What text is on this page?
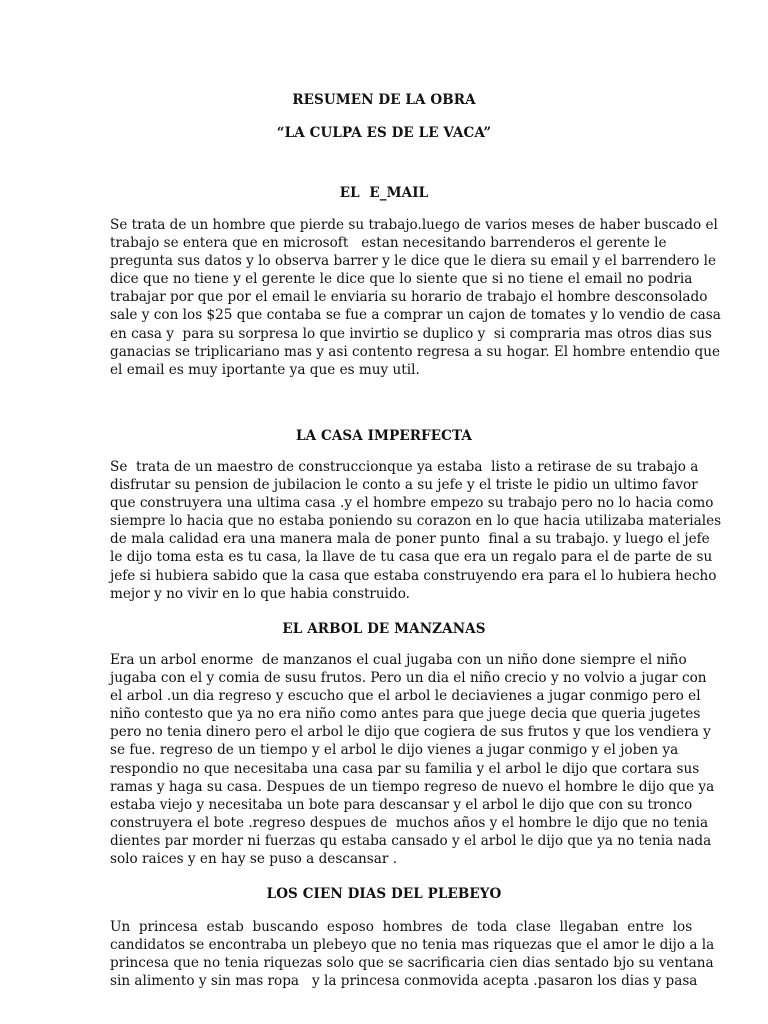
RESUMEN DE LA OBRA
“LA CULPA ES DE LE VACA”
EL  E_MAIL
Se trata de un hombre que pierde su trabajo.luego de varios meses de haber buscado el
trabajo se entera que en microsoft   estan necesitando barrenderos el gerente le
pregunta sus datos y lo observa barrer y le dice que le diera su email y el barrendero le
dice que no tiene y el gerente le dice que lo siente que si no tiene el email no podria
trabajar por que por el email le enviaria su horario de trabajo el hombre desconsolado
sale y con los $25 que contaba se fue a comprar un cajon de tomates y lo vendio de casa
en casa y  para su sorpresa lo que invirtio se duplico y  si compraria mas otros dias sus
ganacias se triplicariano mas y asi contento regresa a su hogar. El hombre entendio que
el email es muy iportante ya que es muy util.
LA CASA IMPERFECTA
Se  trata de un maestro de construccionque ya estaba  listo a retirase de su trabajo a
disfrutar su pension de jubilacion le conto a su jefe y el triste le pidio un ultimo favor
que construyera una ultima casa .y el hombre empezo su trabajo pero no lo hacia como
siempre lo hacia que no estaba poniendo su corazon en lo que hacia utilizaba materiales
de mala calidad era una manera mala de poner punto  final a su trabajo. y luego el jefe
le dijo toma esta es tu casa, la llave de tu casa que era un regalo para el de parte de su
jefe si hubiera sabido que la casa que estaba construyendo era para el lo hubiera hecho
mejor y no vivir en lo que habia construido.
EL ARBOL DE MANZANAS
Era un arbol enorme  de manzanos el cual jugaba con un niño done siempre el niño
jugaba con el y comia de susu frutos. Pero un dia el niño crecio y no volvio a jugar con
el arbol .un dia regreso y escucho que el arbol le deciavienes a jugar conmigo pero el
niño contesto que ya no era niño como antes para que juege decia que queria jugetes
pero no tenia dinero pero el arbol le dijo que cogiera de sus frutos y que los vendiera y
se fue. regreso de un tiempo y el arbol le dijo vienes a jugar conmigo y el joben ya
respondio no que necesitaba una casa par su familia y el arbol le dijo que cortara sus
ramas y haga su casa. Despues de un tiempo regreso de nuevo el hombre le dijo que ya
estaba viejo y necesitaba un bote para descansar y el arbol le dijo que con su tronco
construyera el bote .regreso despues de  muchos años y el hombre le dijo que no tenia
dientes par morder ni fuerzas qu estaba cansado y el arbol le dijo que ya no tenia nada
solo raices y en hay se puso a descansar .
LOS CIEN DIAS DEL PLEBEYO
Un  princesa  estab  buscando  esposo  hombres  de  toda  clase  llegaban  entre  los
candidatos se encontraba un plebeyo que no tenia mas riquezas que el amor le dijo a la
princesa que no tenia riquezas solo que se sacrificaria cien dias sentado bjo su ventana
sin alimento y sin mas ropa   y la princesa conmovida acepta .pasaron los dias y pasa
